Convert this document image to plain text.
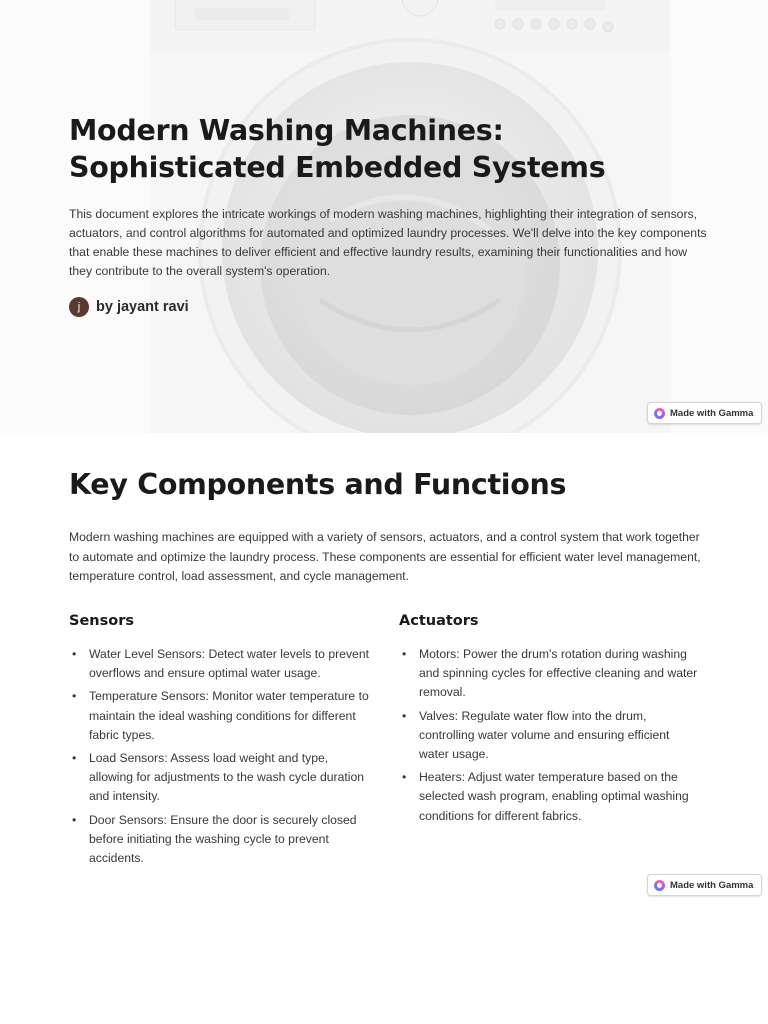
Modern Washing Machines: Sophisticated Embedded Systems

This document explores the intricate workings of modern washing machines, highlighting their integration of sensors, actuators, and control algorithms for automated and optimized laundry processes. We'll delve into the key components that enable these machines to deliver efficient and effective laundry results, examining their functionalities and how they contribute to the overall system's operation.

j	by jayant ravi
Made with Gamma
Key Components and Functions

Modern washing machines are equipped with a variety of sensors, actuators, and a control system that work together to automate and optimize the laundry process. These components are essential for efficient water level management, temperature control, load assessment, and cycle management.

Sensors
• Water Level Sensors: Detect water levels to prevent overflows and ensure optimal water usage.
• Temperature Sensors: Monitor water temperature to maintain the ideal washing conditions for different fabric types.
• Load Sensors: Assess load weight and type, allowing for adjustments to the wash cycle duration and intensity.
• Door Sensors: Ensure the door is securely closed before initiating the washing cycle to prevent accidents.
Actuators
• Motors: Power the drum's rotation during washing and spinning cycles for effective cleaning and water removal.
• Valves: Regulate water flow into the drum, controlling water volume and ensuring efficient water usage.
• Heaters: Adjust water temperature based on the selected wash program, enabling optimal washing conditions for different fabrics.
Made with Gamma
